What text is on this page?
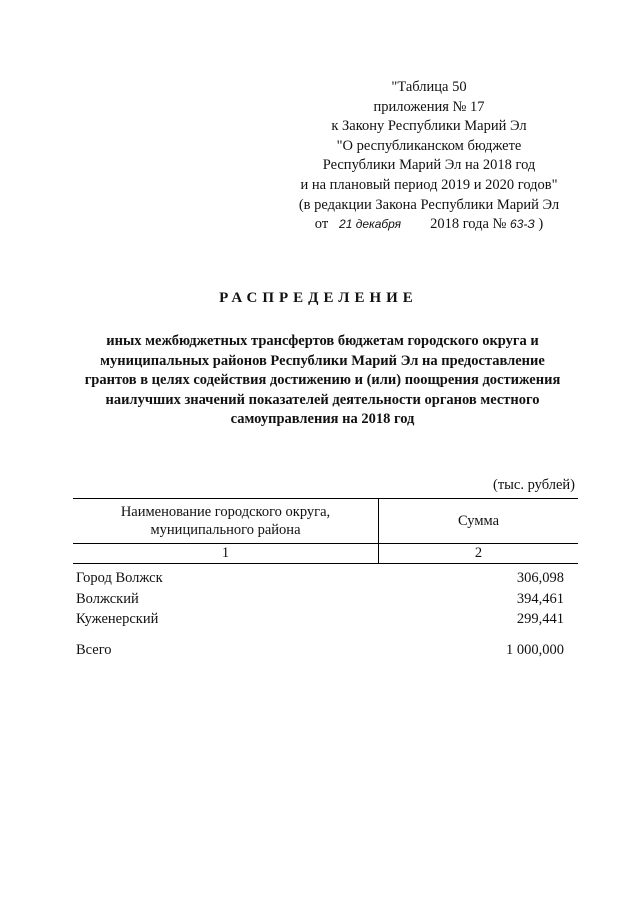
"Таблица 50
приложения № 17
к Закону Республики Марий Эл
"О республиканском бюджете
Республики Марий Эл на 2018 год
и на плановый период 2019 и 2020 годов"
(в редакции Закона Республики Марий Эл
от 21 декабря 2018 года № 63-З )
РАСПРЕДЕЛЕНИЕ
иных межбюджетных трансфертов бюджетам городского округа и
муниципальных районов Республики Марий Эл на предоставление
грантов в целях содействия достижению и (или) поощрения достижения
наилучших значений показателей деятельности органов местного
самоуправления на 2018 год
(тыс. рублей)
Наименование городского округа,
муниципального района	Сумма
1	2
Город Волжск	306,098
Волжский	394,461
Куженерский	299,441
Всего	1 000,000
